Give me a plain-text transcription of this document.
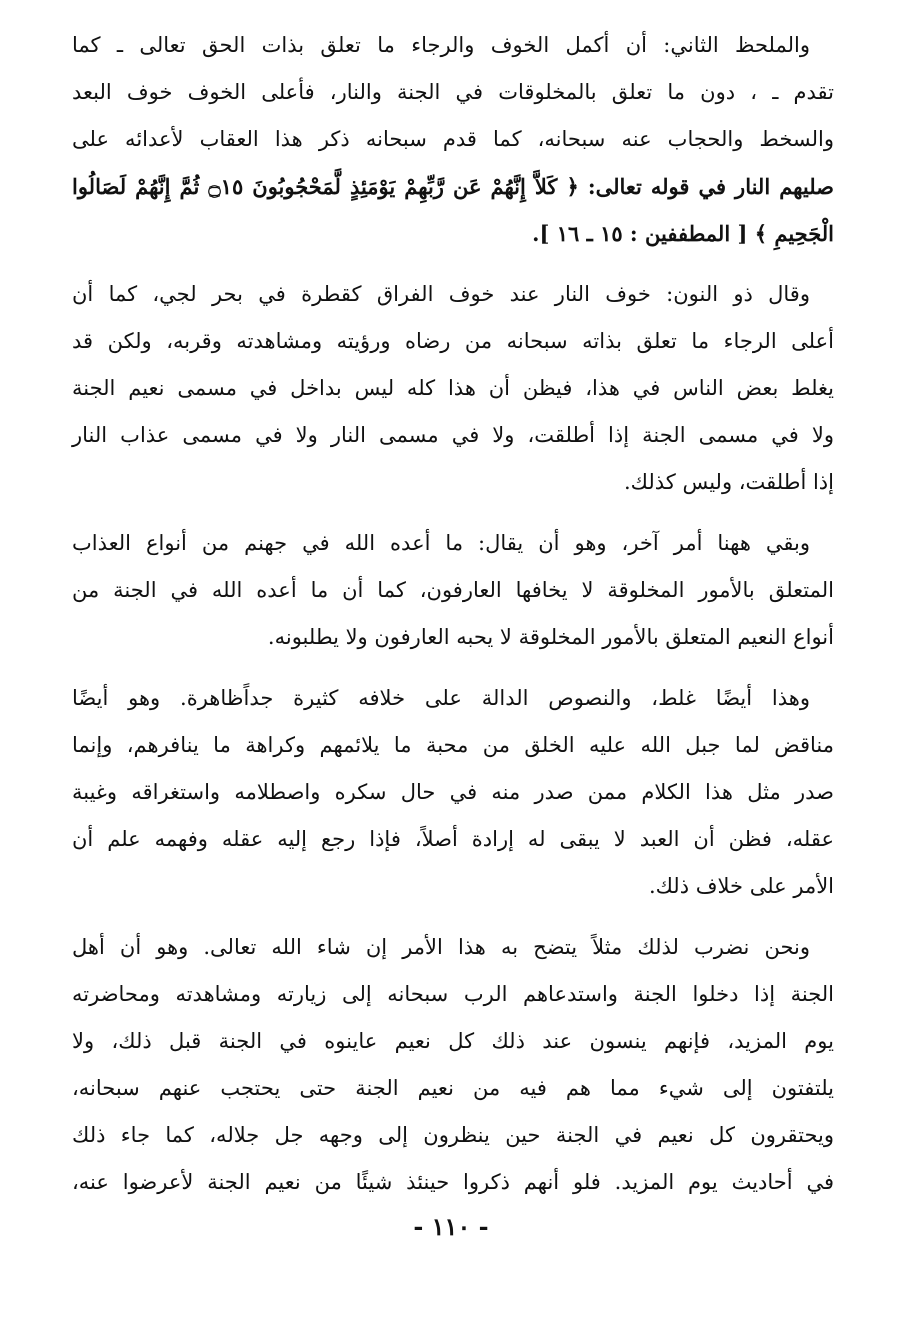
والملحظ الثاني: أن أكمل الخوف والرجاء ما تعلق بذات الحق تعالى ـ كما
تقدم ـ ، دون ما تعلق بالمخلوقات في الجنة والنار، فأعلى الخوف خوف البعد
والسخط والحجاب عنه سبحانه، كما قدم سبحانه ذكر هذا العقاب لأعدائه على
صليهم النار في قوله تعالى: ﴿ كَلاَّ إِنَّهُمْ عَن رَّبِّهِمْ يَوْمَئِذٍ لَّمَحْجُوبُونَ ۝١٥ ثُمَّ إِنَّهُمْ لَصَالُوا
الْجَحِيمِ ﴾ [ المطففين : ١٥ ـ ١٦ ].

وقال ذو النون: خوف النار عند خوف الفراق كقطرة في بحر لجي، كما أن
أعلى الرجاء ما تعلق بذاته سبحانه من رضاه ورؤيته ومشاهدته وقربه، ولكن قد
يغلط بعض الناس في هذا، فيظن أن هذا كله ليس بداخل في مسمى نعيم الجنة
ولا في مسمى الجنة إذا أطلقت، ولا في مسمى النار ولا في مسمى عذاب النار
إذا أطلقت، وليس كذلك.

وبقي ههنا أمر آخر، وهو أن يقال: ما أعده الله في جهنم من أنواع العذاب
المتعلق بالأمور المخلوقة لا يخافها العارفون، كما أن ما أعده الله في الجنة من
أنواع النعيم المتعلق بالأمور المخلوقة لا يحبه العارفون ولا يطلبونه.

وهذا أيضًا غلط، والنصوص الدالة على خلافه كثيرة جداًظاهرة. وهو أيضًا
مناقض لما جبل الله عليه الخلق من محبة ما يلائمهم وكراهة ما ينافرهم، وإنما
صدر مثل هذا الكلام ممن صدر منه في حال سكره واصطلامه واستغراقه وغيبة
عقله، فظن أن العبد لا يبقى له إرادة أصلاً، فإذا رجع إليه عقله وفهمه علم أن
الأمر على خلاف ذلك.

ونحن نضرب لذلك مثلاً يتضح به هذا الأمر إن شاء الله تعالى. وهو أن أهل
الجنة إذا دخلوا الجنة واستدعاهم الرب سبحانه إلى زيارته ومشاهدته ومحاضرته
يوم المزيد، فإنهم ينسون عند ذلك كل نعيم عاينوه في الجنة قبل ذلك، ولا
يلتفتون إلى شيء مما هم فيه من نعيم الجنة حتى يحتجب عنهم سبحانه،
ويحتقرون كل نعيم في الجنة حين ينظرون إلى وجهه جل جلاله، كما جاء ذلك
في أحاديث يوم المزيد. فلو أنهم ذكروا حينئذ شيئًا من نعيم الجنة لأعرضوا عنه،

- ١١٠ -
